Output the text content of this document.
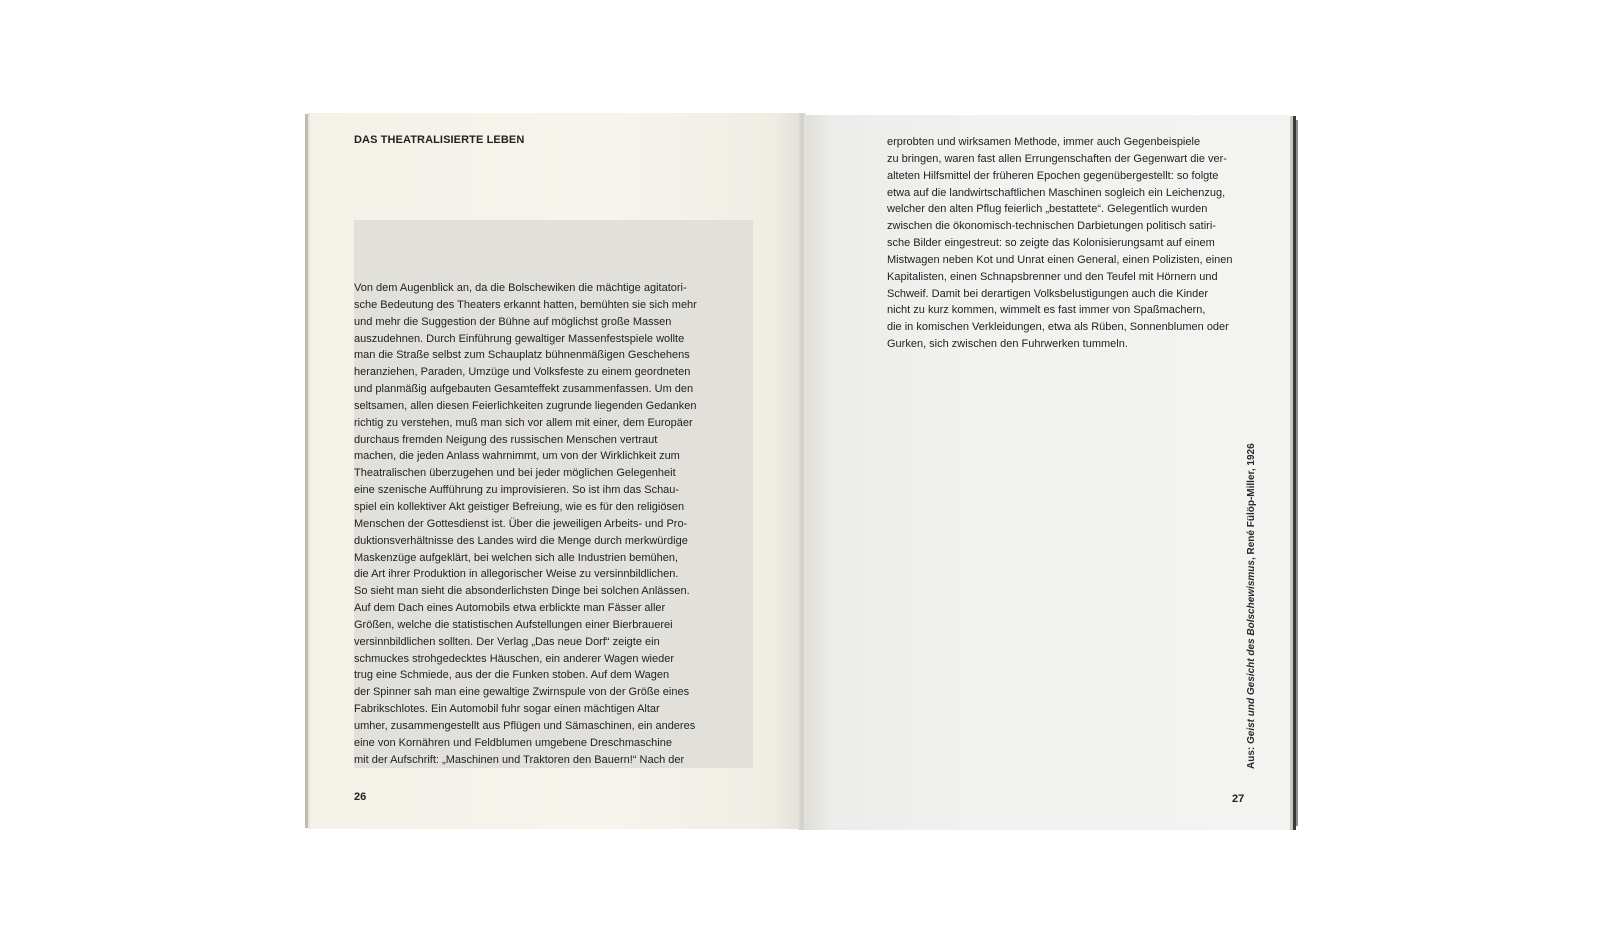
DAS THEATRALISIERTE LEBEN
Von dem Augenblick an, da die Bolschewiken die mächtige agitatori-
sche Bedeutung des Theaters erkannt hatten, bemühten sie sich mehr
und mehr die Suggestion der Bühne auf möglichst große Massen
auszudehnen. Durch Einführung gewaltiger Massenfestspiele wollte
man die Straße selbst zum Schauplatz bühnenmäßigen Geschehens
heranziehen, Paraden, Umzüge und Volksfeste zu einem geordneten
und planmäßig aufgebauten Gesamteffekt zusammenfassen. Um den
seltsamen, allen diesen Feierlichkeiten zugrunde liegenden Gedanken
richtig zu verstehen, muß man sich vor allem mit einer, dem Europäer
durchaus fremden Neigung des russischen Menschen vertraut
machen, die jeden Anlass wahrnimmt, um von der Wirklichkeit zum
Theatralischen überzugehen und bei jeder möglichen Gelegenheit
eine szenische Aufführung zu improvisieren. So ist ihm das Schau-
spiel ein kollektiver Akt geistiger Befreiung, wie es für den religiösen
Menschen der Gottesdienst ist. Über die jeweiligen Arbeits- und Pro-
duktionsverhältnisse des Landes wird die Menge durch merkwürdige
Maskenzüge aufgeklärt, bei welchen sich alle Industrien bemühen,
die Art ihrer Produktion in allegorischer Weise zu versinnbildlichen.
So sieht man sieht die absonderlichsten Dinge bei solchen Anlässen.
Auf dem Dach eines Automobils etwa erblickte man Fässer aller
Größen, welche die statistischen Aufstellungen einer Bierbrauerei
versinnbildlichen sollten. Der Verlag „Das neue Dorf“ zeigte ein
schmuckes strohgedecktes Häuschen, ein anderer Wagen wieder
trug eine Schmiede, aus der die Funken stoben. Auf dem Wagen
der Spinner sah man eine gewaltige Zwirnspule von der Größe eines
Fabrikschlotes. Ein Automobil fuhr sogar einen mächtigen Altar
umher, zusammengestellt aus Pflügen und Sämaschinen, ein anderes
eine von Kornähren und Feldblumen umgebene Dreschmaschine
mit der Aufschrift: „Maschinen und Traktoren den Bauern!“ Nach der
26
erprobten und wirksamen Methode, immer auch Gegenbeispiele
zu bringen, waren fast allen Errungenschaften der Gegenwart die ver-
alteten Hilfsmittel der früheren Epochen gegenübergestellt: so folgte
etwa auf die landwirtschaftlichen Maschinen sogleich ein Leichenzug,
welcher den alten Pflug feierlich „bestattete“. Gelegentlich wurden
zwischen die ökonomisch-technischen Darbietungen politisch satiri-
sche Bilder eingestreut: so zeigte das Kolonisierungsamt auf einem
Mistwagen neben Kot und Unrat einen General, einen Polizisten, einen
Kapitalisten, einen Schnapsbrenner und den Teufel mit Hörnern und
Schweif. Damit bei derartigen Volksbelustigungen auch die Kinder
nicht zu kurz kommen, wimmelt es fast immer von Spaßmachern,
die in komischen Verkleidungen, etwa als Rüben, Sonnenblumen oder
Gurken, sich zwischen den Fuhrwerken tummeln.
Aus: Geist und Gesicht des Bolschewismus, René Fülöp-Miller, 1926
27
